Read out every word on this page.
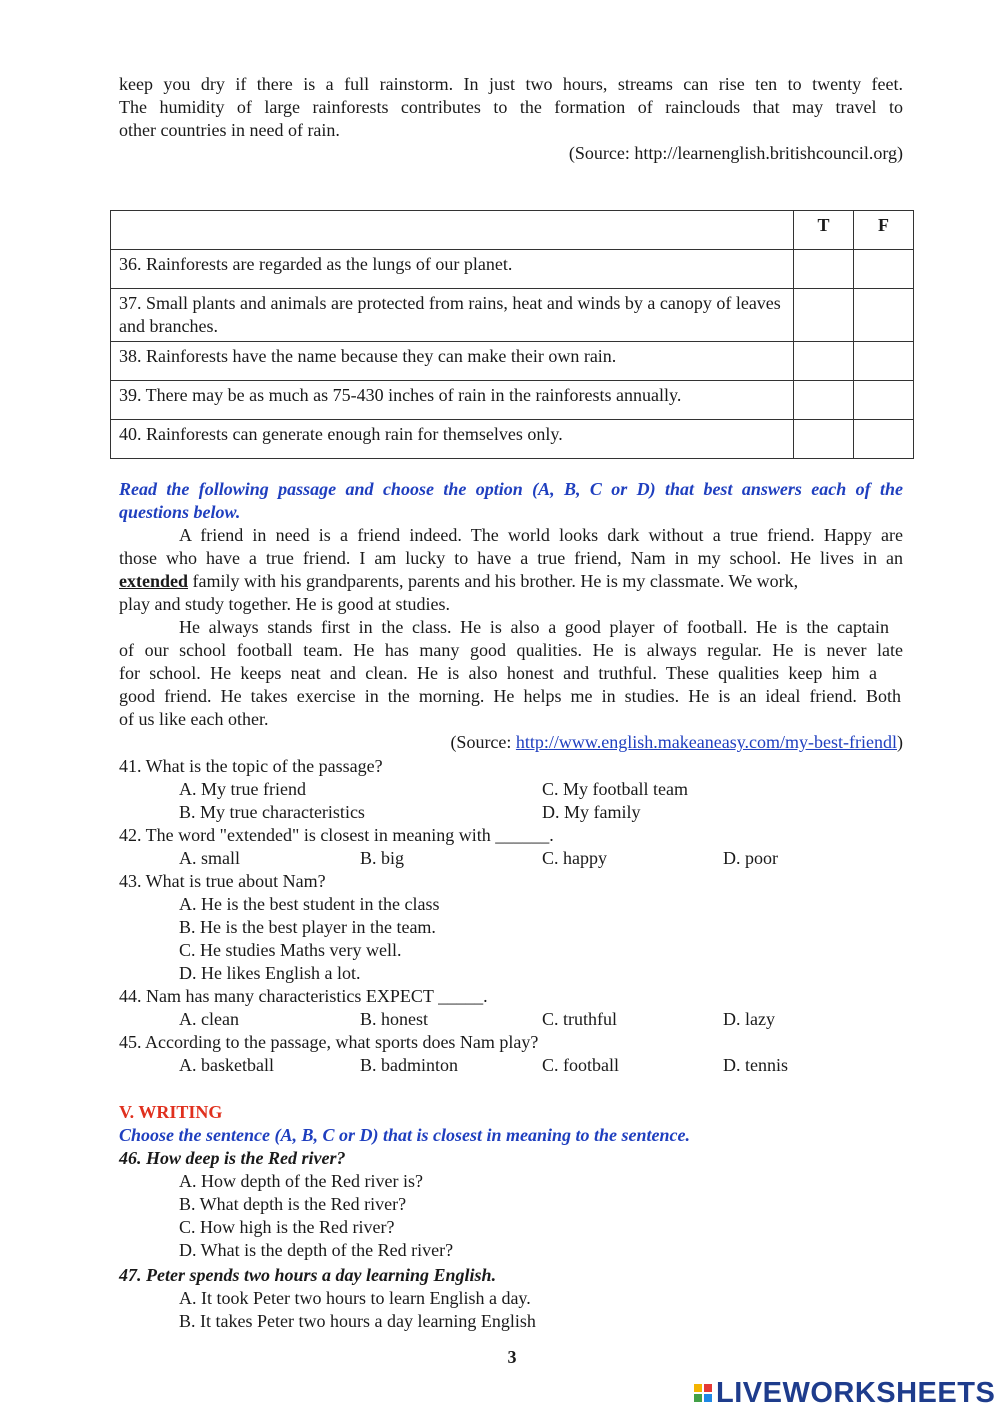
keep you dry if there is a full rainstorm. In just two hours, streams can rise ten to twenty feet.
The humidity of large rainforests contributes to the formation of rainclouds that may travel to
other countries in need of rain.
(Source: http://learnenglish.britishcouncil.org)
	T	F
36. Rainforests are regarded as the lungs of our planet.		
37. Small plants and animals are protected from rains, heat and winds by a canopy of leaves and branches.		
38. Rainforests have the name because they can make their own rain.		
39. There may be as much as 75-430 inches of rain in the rainforests annually.		
40. Rainforests can generate enough rain for themselves only.		
Read the following passage and choose the option (A, B, C or D) that best answers each of the
questions below.
A friend in need is a friend indeed. The world looks dark without a true friend. Happy are
those who have a true friend. I am lucky to have a true friend, Nam in my school. He lives in an
extended family with his grandparents, parents and his brother. He is my classmate. We work,
play and study together. He is good at studies.
He always stands first in the class. He is also a good player of football. He is the captain
of our school football team. He has many good qualities. He is always regular. He is never late
for school. He keeps neat and clean. He is also honest and truthful. These qualities keep him a
good friend. He takes exercise in the morning. He helps me in studies. He is an ideal friend. Both
of us like each other.
(Source: http://www.english.makeaneasy.com/my-best-friendl)
41. What is the topic of the passage?
A. My true friend	C. My football team
B. My true characteristics	D. My family
42. The word "extended" is closest in meaning with ______.
A. small	B. big	C. happy	D. poor
43. What is true about Nam?
A. He is the best student in the class
B. He is the best player in the team.
C. He studies Maths very well.
D. He likes English a lot.
44. Nam has many characteristics EXPECT _____.
A. clean	B. honest	C. truthful	D. lazy
45. According to the passage, what sports does Nam play?
A. basketball	B. badminton	C. football	D. tennis
V. WRITING
Choose the sentence (A, B, C or D) that is closest in meaning to the sentence.
46. How deep is the Red river?
A. How depth of the Red river is?
B. What depth is the Red river?
C. How high is the Red river?
D. What is the depth of the Red river?
47. Peter spends two hours a day learning English.
A. It took Peter two hours to learn English a day.
B. It takes Peter two hours a day learning English
3
LIVEWORKSHEETS
